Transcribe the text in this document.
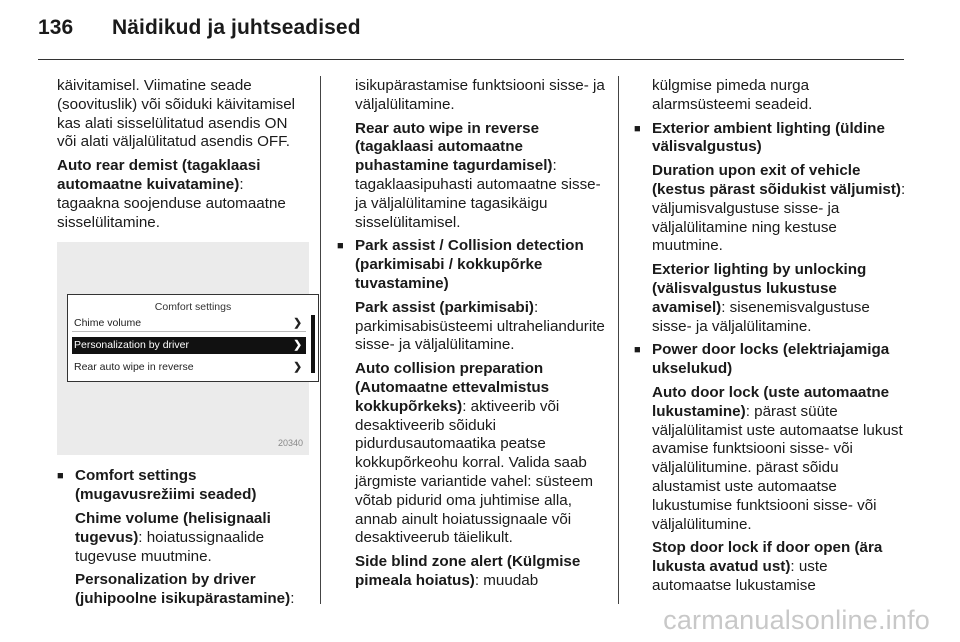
136 Näidikud ja juhtseadised

käivitamisel. Viimatine seade (soovituslik) või sõiduki käivitamisel kas alati sisselülitatud asendis ON või alati väljalülitatud asendis OFF.

Auto rear demist (tagaklaasi automaatne kuivatamine): tagaakna soojenduse automaatne sisselülitamine.

Comfort settings
Chime volume	❯
Personalization by driver	❯
Rear auto wipe in reverse	❯
20340

■ Comfort settings (mugavusrežiimi seaded)

Chime volume (helisignaali tugevus): hoiatussignaalide tugevuse muutmine.

Personalization by driver (juhipoolne isikupärastamine):

isikupärastamise funktsiooni sisse- ja väljalülitamine.

Rear auto wipe in reverse (tagaklaasi automaatne puhastamine tagurdamisel): tagaklaasipuhasti automaatne sisse- ja väljalülitamine tagasikäigu sisselülitamisel.

■ Park assist / Collision detection (parkimisabi / kokkupõrke tuvastamine)

Park assist (parkimisabi): parkimisabisüsteemi ultraheliandurite sisse- ja väljalülitamine.

Auto collision preparation (Automaatne ettevalmistus kokkupõrkeks): aktiveerib või desaktiveerib sõiduki pidurdusautomaatika peatse kokkupõrkeohu korral. Valida saab järgmiste variantide vahel: süsteem võtab pidurid oma juhtimise alla, annab ainult hoiatussignaale või desaktiveerub täielikult.

Side blind zone alert (Külgmise pimeala hoiatus): muudab

külgmise pimeda nurga alarmsüsteemi seadeid.

■ Exterior ambient lighting (üldine välisvalgustus)

Duration upon exit of vehicle (kestus pärast sõidukist väljumist): väljumisvalgustuse sisse- ja väljalülitamine ning kestuse muutmine.

Exterior lighting by unlocking (välisvalgustus lukustuse avamisel): sisenemisvalgustuse sisse- ja väljalülitamine.

■ Power door locks (elektriajamiga ukselukud)

Auto door lock (uste automaatne lukustamine): pärast süüte väljalülitamist uste automaatse lukust avamise funktsiooni sisse- või väljalülitumine. pärast sõidu alustamist uste automaatse lukustumise funktsiooni sisse- või väljalülitumine.

Stop door lock if door open (ära lukusta avatud ust): uste automaatse lukustamise

carmanualsonline.info
